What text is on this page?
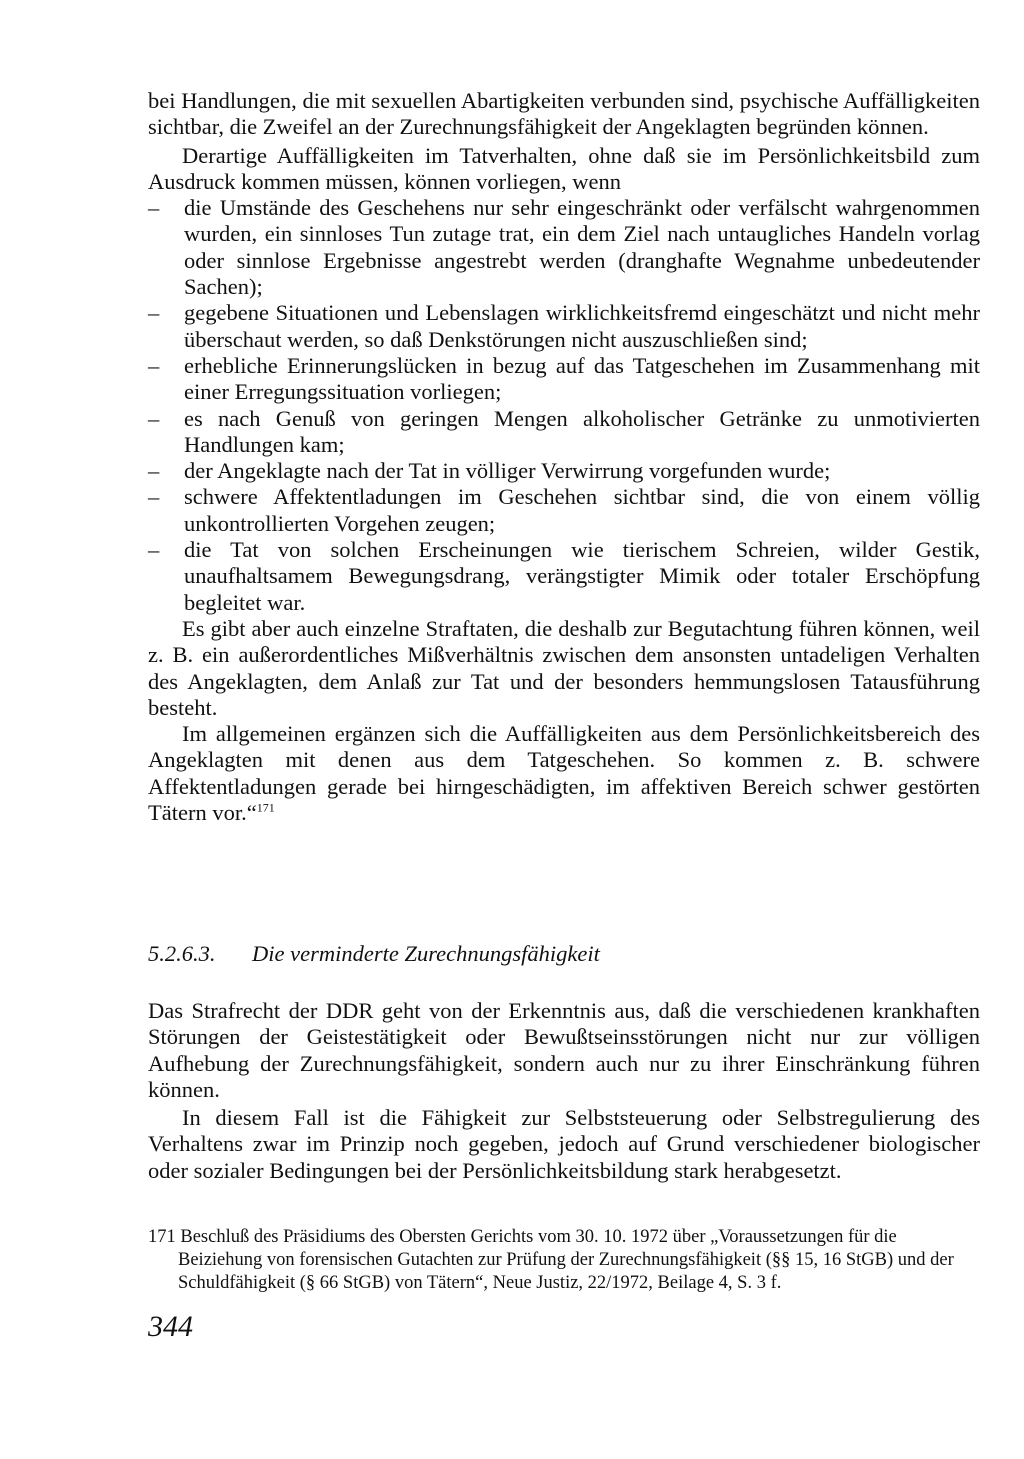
bei Handlungen, die mit sexuellen Abartigkeiten verbunden sind, psychische Auffälligkeiten sichtbar, die Zweifel an der Zurechnungsfähigkeit der Angeklagten begründen können.

Derartige Auffälligkeiten im Tatverhalten, ohne daß sie im Persönlichkeitsbild zum Ausdruck kommen müssen, können vorliegen, wenn

– die Umstände des Geschehens nur sehr eingeschränkt oder verfälscht wahrgenommen wurden, ein sinnloses Tun zutage trat, ein dem Ziel nach untaugliches Handeln vorlag oder sinnlose Ergebnisse angestrebt werden (dranghafte Wegnahme unbedeutender Sachen);
– gegebene Situationen und Lebenslagen wirklichkeitsfremd eingeschätzt und nicht mehr überschaut werden, so daß Denkstörungen nicht auszuschließen sind;
– erhebliche Erinnerungslücken in bezug auf das Tatgeschehen im Zusammenhang mit einer Erregungssituation vorliegen;
– es nach Genuß von geringen Mengen alkoholischer Getränke zu unmotivierten Handlungen kam;
– der Angeklagte nach der Tat in völliger Verwirrung vorgefunden wurde;
– schwere Affektentladungen im Geschehen sichtbar sind, die von einem völlig unkontrollierten Vorgehen zeugen;
– die Tat von solchen Erscheinungen wie tierischem Schreien, wilder Gestik, unaufhaltsamem Bewegungsdrang, verängstigter Mimik oder totaler Erschöpfung begleitet war.

Es gibt aber auch einzelne Straftaten, die deshalb zur Begutachtung führen können, weil z. B. ein außerordentliches Mißverhältnis zwischen dem ansonsten untadeligen Verhalten des Angeklagten, dem Anlaß zur Tat und der besonders hemmungslosen Tatausführung besteht.

Im allgemeinen ergänzen sich die Auffälligkeiten aus dem Persönlichkeitsbereich des Angeklagten mit denen aus dem Tatgeschehen. So kommen z. B. schwere Affektentladungen gerade bei hirngeschädigten, im affektiven Bereich schwer gestörten Tätern vor.“$^{171}$

5.2.6.3. Die verminderte Zurechnungsfähigkeit

Das Strafrecht der DDR geht von der Erkenntnis aus, daß die verschiedenen krankhaften Störungen der Geistestätigkeit oder Bewußtseinsstörungen nicht nur zur völligen Aufhebung der Zurechnungsfähigkeit, sondern auch nur zu ihrer Einschränkung führen können.

In diesem Fall ist die Fähigkeit zur Selbststeuerung oder Selbstregulierung des Verhaltens zwar im Prinzip noch gegeben, jedoch auf Grund verschiedener biologischer oder sozialer Bedingungen bei der Persönlichkeitsbildung stark herabgesetzt.

171 Beschluß des Präsidiums des Obersten Gerichts vom 30. 10. 1972 über „Voraussetzungen für die Beiziehung von forensischen Gutachten zur Prüfung der Zurechnungsfähigkeit (§§ 15, 16 StGB) und der Schuldfähigkeit (§ 66 StGB) von Tätern“, Neue Justiz, 22/1972, Beilage 4, S. 3 f.

344
